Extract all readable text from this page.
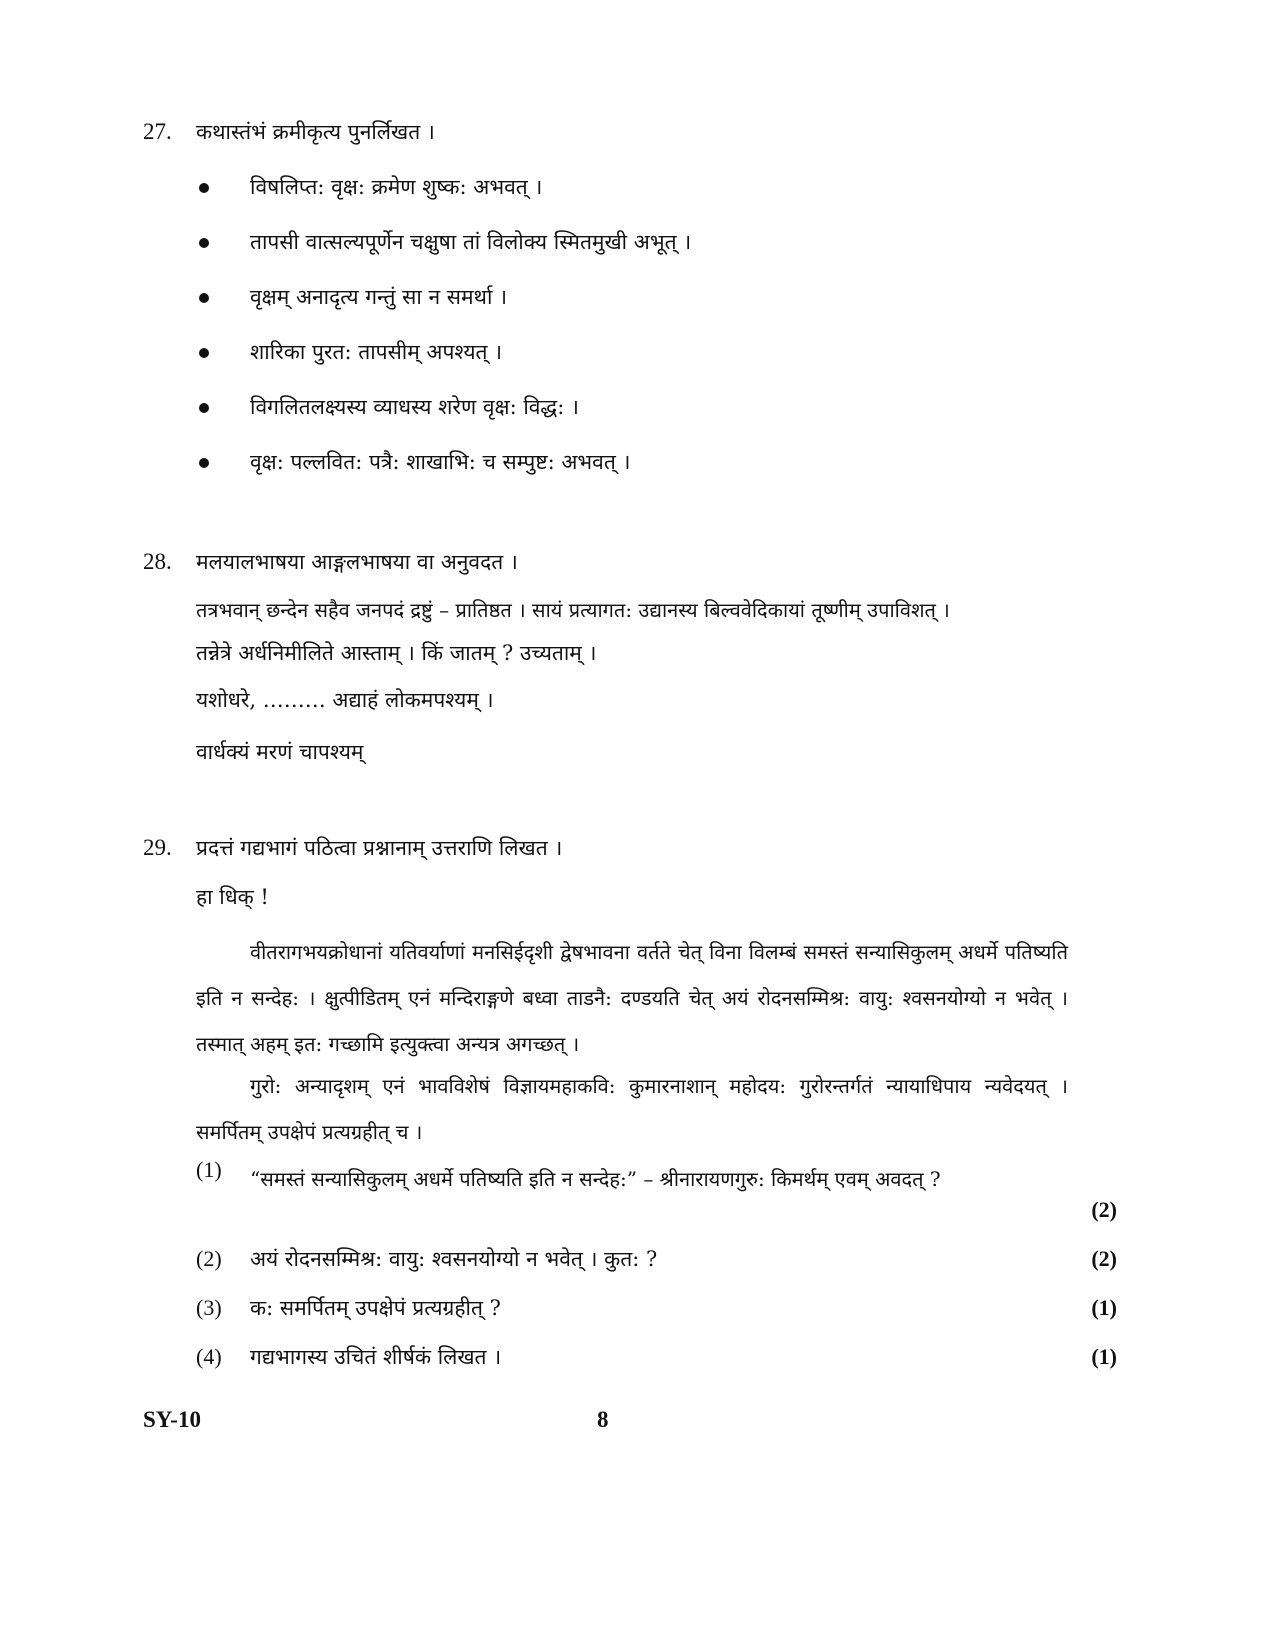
27. कथास्तंभं क्रमीकृत्य पुनर्लिखत ।
विषलिप्त: वृक्ष: क्रमेण शुष्क: अभवत् ।
तापसी वात्सल्यपूर्णेन चक्षुषा तां विलोक्य स्मितमुखी अभूत् ।
वृक्षम् अनादृत्य गन्तुं सा न समर्था ।
शारिका पुरत: तापसीम् अपश्यत् ।
विगलितलक्ष्यस्य व्याधस्य शरेण वृक्ष: विद्ध: ।
वृक्ष: पल्लवित: पत्रै: शाखाभि: च सम्पुष्ट: अभवत् ।
28. मलयालभाषया आङ्गलभाषया वा अनुवदत ।
तत्रभवान् छन्देन सहैव जनपदं द्रष्टुं – प्रातिष्ठत । सायं प्रत्यागत: उद्यानस्य बिल्ववेदिकायां तूष्णीम् उपाविशत् ।
तन्नेत्रे अर्धनिमीलिते आस्ताम् । किं जातम् ? उच्यताम् ।
यशोधरे, ……… अद्याहं लोकमपश्यम् ।
वार्धक्यं मरणं चापश्यम्
29. प्रदत्तं गद्यभागं पठित्वा प्रश्नानाम् उत्तराणि लिखत ।
हा धिक् !
वीतरागभयक्रोधानां यतिवर्याणां मनसिईदृशी द्वेषभावना वर्तते चेत् विना विलम्बं समस्तं सन्यासिकुलम् अधर्मे पतिष्यति इति न सन्देह: । क्षुत्पीडितम् एनं मन्दिराङ्गणे बध्वा ताडनै: दण्डयति चेत् अयं रोदनसम्मिश्र: वायु: श्वसनयोग्यो न भवेत् । तस्मात् अहम् इत: गच्छामि इत्युक्त्वा अन्यत्र अगच्छत् ।
गुरो: अन्यादृशम् एनं भावविशेषं विज्ञायमहाकवि: कुमारनाशान् महोदय: गुरोरन्तर्गतं न्यायाधिपाय न्यवेदयत् । समर्पितम् उपक्षेपं प्रत्यग्रहीत् च ।
(1) “समस्तं सन्यासिकुलम् अधर्मे पतिष्यति इति न सन्देह:” – श्रीनारायणगुरु: किमर्थम् एवम् अवदत् ?
(2)
(2) अयं रोदनसम्मिश्र: वायु: श्वसनयोग्यो न भवेत् । कुत: ?	(2)
(3) क: समर्पितम् उपक्षेपं प्रत्यग्रहीत् ?	(1)
(4) गद्यभागस्य उचितं शीर्षकं लिखत ।	(1)
SY-10	8
